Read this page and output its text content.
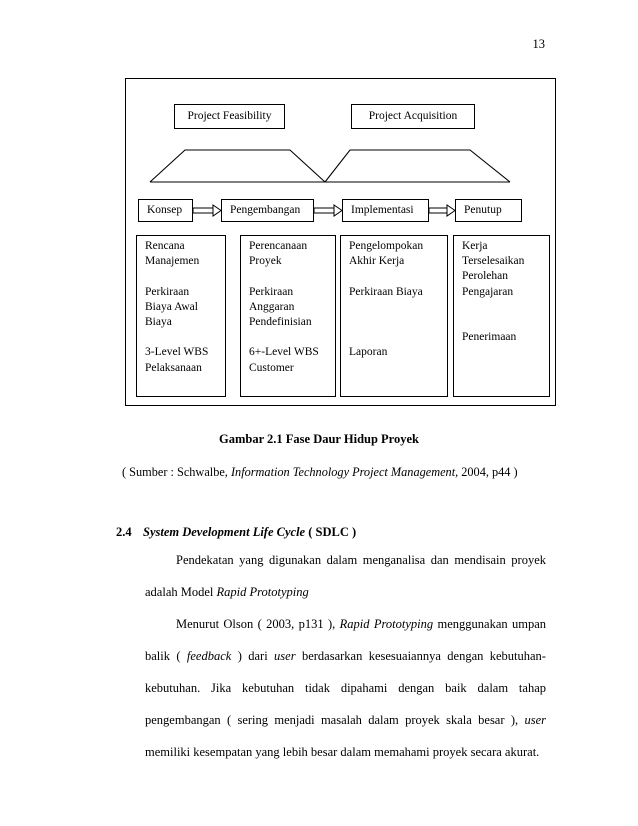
13
Project Feasibility	Project Acquisition
Konsep	Pengembangan	Implementasi	Penutup
Rencana
Manajemen

Perkiraan
Biaya Awal
Biaya

3-Level WBS
Pelaksanaan
Perencanaan
Proyek

Perkiraan
Anggaran
Pendefinisian

6+-Level WBS
Customer
Pengelompokan
Akhir Kerja

Perkiraan Biaya

Laporan
Kerja
Terselesaikan
Perolehan
Pengajaran

Penerimaan
Gambar 2.1 Fase Daur Hidup Proyek
( Sumber : Schwalbe, Information Technology Project Management, 2004, p44 )
2.4 System Development Life Cycle ( SDLC )
Pendekatan yang digunakan dalam menganalisa dan mendisain proyek
adalah Model Rapid Prototyping
Menurut Olson ( 2003, p131 ), Rapid Prototyping menggunakan umpan
balik ( feedback ) dari user berdasarkan kesesuaiannya dengan kebutuhan-
kebutuhan. Jika kebutuhan tidak dipahami dengan baik dalam tahap
pengembangan ( sering menjadi masalah dalam proyek skala besar ), user
memiliki kesempatan yang lebih besar dalam memahami proyek secara akurat.
